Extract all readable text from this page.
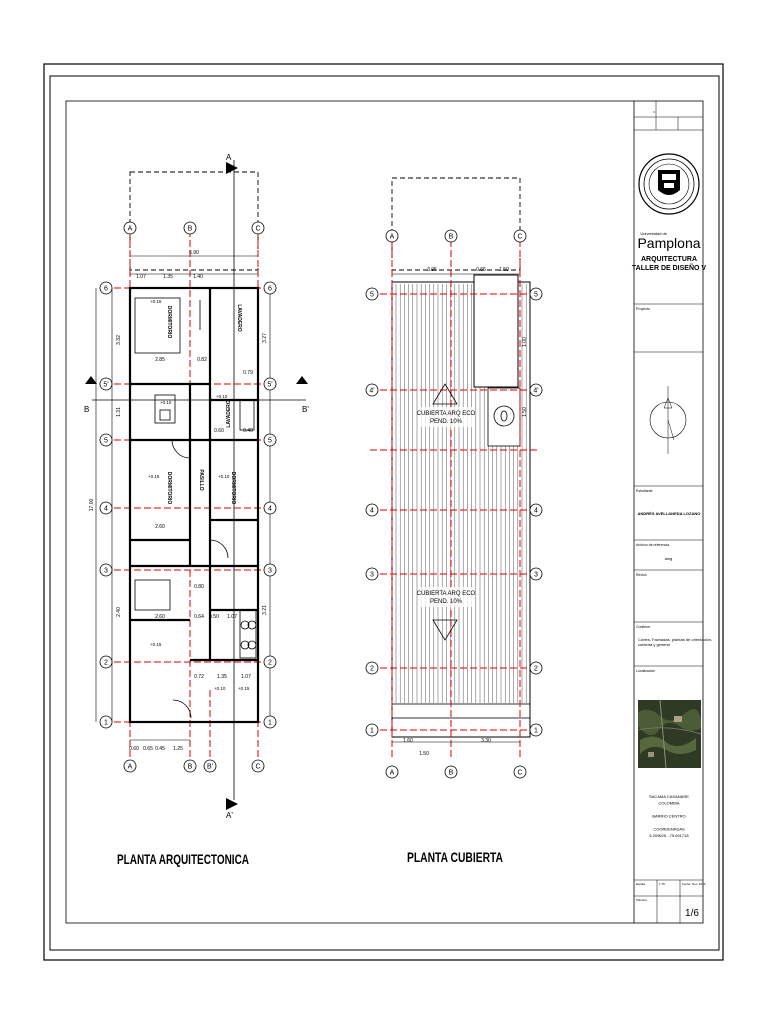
A	B	C
A	B B'	C
6
5'
5
4
3
2
1
6
5'
5
4
3
2
1
6.90
1.07	1.35	1.40
0.60 0.65 0.45 1.25
2.85	0.82
0.79
2.60
2.60
0.80
0.64 0.50 1.07
0.72	1.35	1.07
0.60	0.40
3.32
1.31
17.00
2.40
3.27
3.21
DORMITORIO
DORMITORIO	DORMITORIO
PASILLO
LAVADERO
LAVADERO
+0.15
+0.10
+0.10
+0.15	+0.10
+0.15
+0.10	+0.15
A
A'
B	B'
PLANTA ARQUITECTONICA
CUBIERTA ARQ ECO
PEND. 10%
CUBIERTA ARQ ECO
PEND. 10%
3.95	0.65	1.50
1.60
1.50
3.30
1.00
1.50
A	B	C
A	B	C
5
4'
4
3
2
1
5
4'
4
3
2
1
PLANTA CUBIERTA
6
Universidad de
Pamplona
ARQUITECTURA
TALLER DE DISEÑO V
Proyecto
Estudiante
ANDRÉS AVELLANEDA LOZANO
Archivo de referencia
.dwg
Revisó
Contiene
Cortes, Fachadas, plantas de orientación, cubierta y general
Localización
SACAMA CASANARE
COLOMBIA
BARRIO CENTRO
COORDENADAS
6.209625, -75.601718
Escala	1:75	Fecha Nov. 2023
Plancha
1/6
